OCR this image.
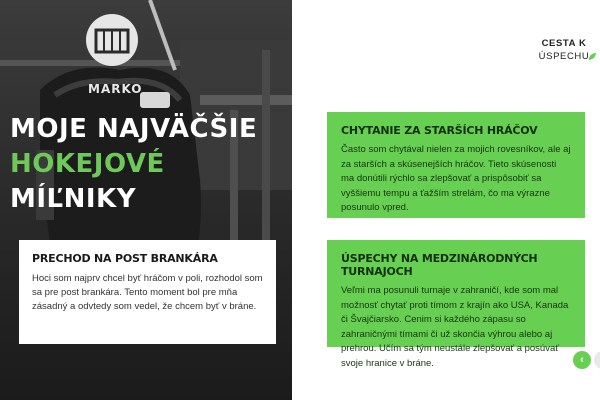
MARKO
MOJE NAJVÄČŠIE
HOKEJOVÉ
MÍĽNIKY
PRECHOD NA POST BRANKÁRA

Hoci som najprv chcel byť hráčom v poli, rozhodol som sa pre post brankára. Tento moment bol pre mňa zásadný a odvtedy som vedel, že chcem byť v bráne.

CESTA K
ÚSPECHU
CHYTANIE ZA STARŠÍCH HRÁČOV

Často som chytával nielen za mojich rovesníkov, ale aj za starších a skúsenejších hráčov. Tieto skúsenosti ma donútili rýchlo sa zlepšovať a prispôsobiť sa vyššiemu tempu a ťažším strelám, čo ma výrazne posunulo vpred.

ÚSPECHY NA MEDZINÁRODNÝCH TURNAJOCH

Veľmi ma posunuli turnaje v zahraničí, kde som mal možnosť chytať proti tímom z krajín ako USA, Kanada či Švajčiarsko. Cenim si každého zápasu so zahraničnými tímami či už skončia výhrou alebo aj prehrou. Učím sa tým neustále zlepšovať a posúvať svoje hranice v bráne.	‹
